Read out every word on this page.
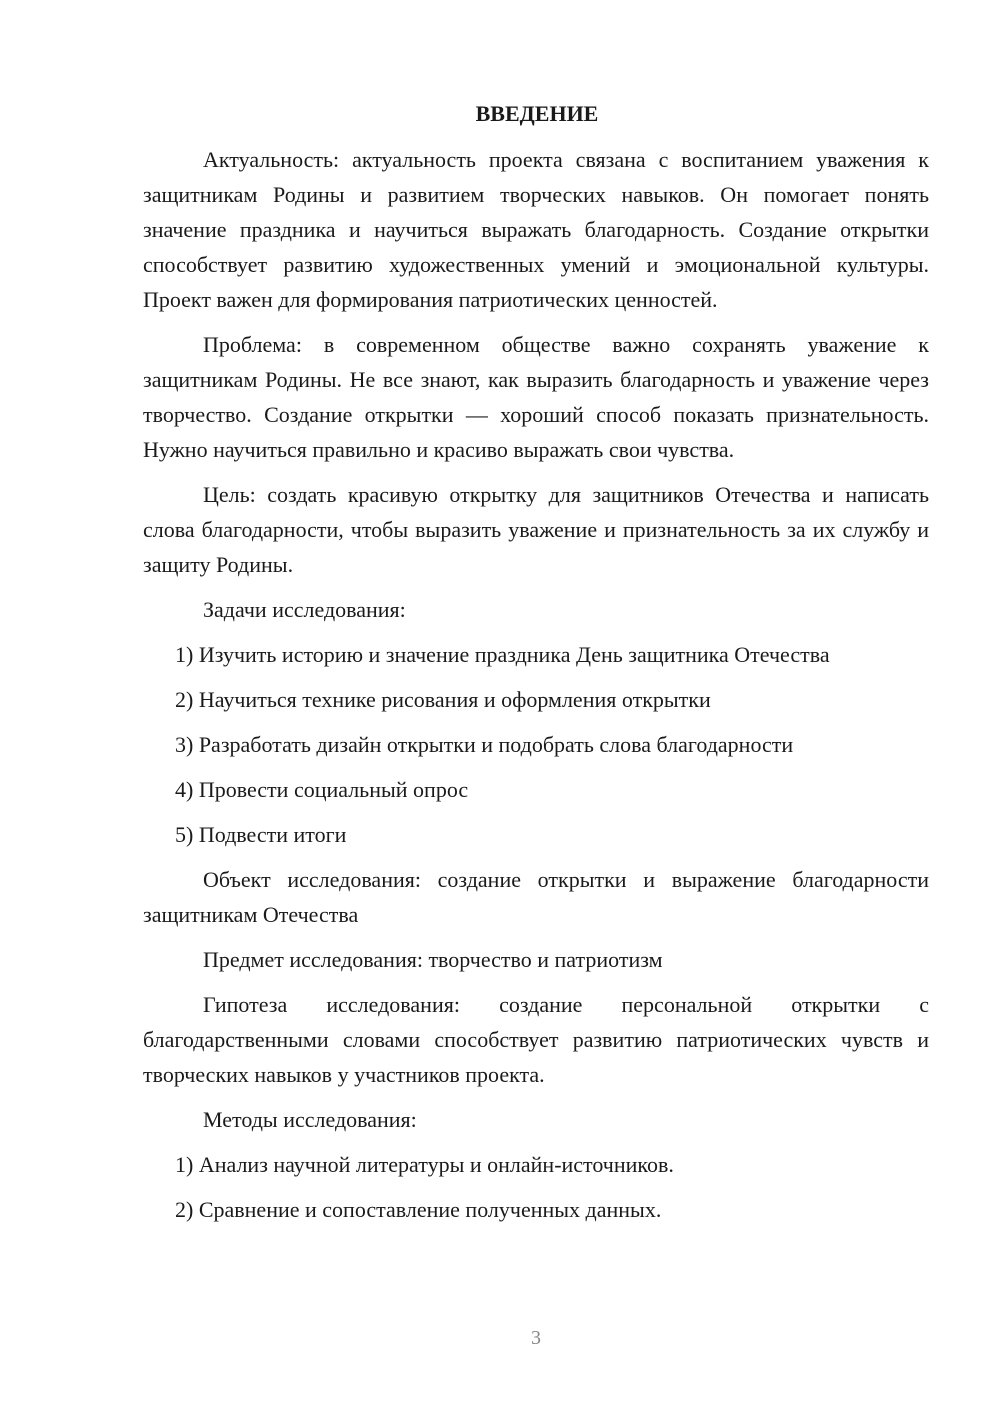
ВВЕДЕНИЕ

Актуальность: актуальность проекта связана с воспитанием уважения к защитникам Родины и развитием творческих навыков. Он помогает понять значение праздника и научиться выражать благодарность. Создание открытки способствует развитию художественных умений и эмоциональной культуры. Проект важен для формирования патриотических ценностей.

Проблема: в современном обществе важно сохранять уважение к защитникам Родины. Не все знают, как выразить благодарность и уважение через творчество. Создание открытки — хороший способ показать признательность. Нужно научиться правильно и красиво выражать свои чувства.

Цель: создать красивую открытку для защитников Отечества и написать слова благодарности, чтобы выразить уважение и признательность за их службу и защиту Родины.

Задачи исследования:

1) Изучить историю и значение праздника День защитника Отечества

2) Научиться технике рисования и оформления открытки

3) Разработать дизайн открытки и подобрать слова благодарности

4) Провести социальный опрос

5) Подвести итоги

Объект исследования: создание открытки и выражение благодарности защитникам Отечества

Предмет исследования: творчество и патриотизм

Гипотеза исследования: создание персональной открытки с благодарственными словами способствует развитию патриотических чувств и творческих навыков у участников проекта.

Методы исследования:

1) Анализ научной литературы и онлайн-источников.

2) Сравнение и сопоставление полученных данных.

3
